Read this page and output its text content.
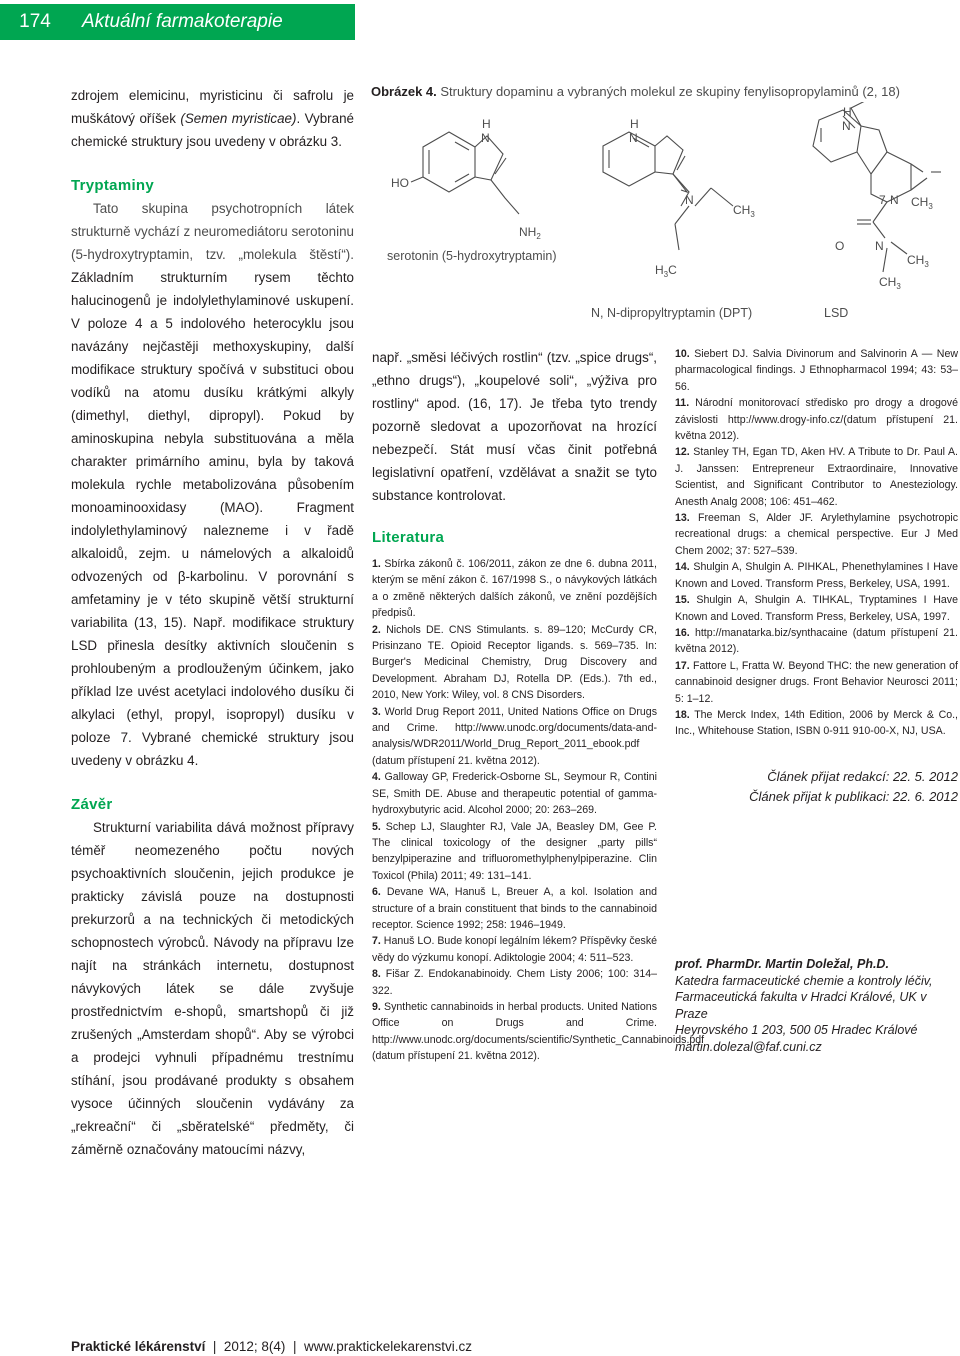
174	Aktuální farmakoterapie

zdrojem elemicinu, myristicinu či safrolu je muškátový oříšek (Semen myristicae). Vybrané chemické struktury jsou uvedeny v obrázku 3.

Tryptaminy

Tato skupina psychotropních látek strukturně vychází z neuromediátoru serotoninu (5-hydroxytryptamin, tzv. „molekula štěstí“). Základním strukturním rysem těchto halucinogenů je indolylethylaminové uskupení. V poloze 4 a 5 indolového heterocyklu jsou navázány nejčastěji methoxyskupiny, další modifikace struktury spočívá v substituci obou vodíků na atomu dusíku krátkými alkyly (dimethyl, diethyl, dipropyl). Pokud by aminoskupina nebyla substituována a měla charakter primárního aminu, byla by taková molekula rychle metabolizována působením monoaminooxidasy (MAO). Fragment indolylethylaminový nalezneme i v řadě alkaloidů, zejm. u námelových a alkaloidů odvozených od β-karbolinu. V porovnání s amfetaminy je v této skupině větší strukturní variabilita (13, 15). Např. modifikace struktury LSD přinesla desítky aktivních sloučenin s prohloubeným a prodlouženým účinkem, jako příklad lze uvést acetylaci indolového dusíku či alkylaci (ethyl, propyl, isopropyl) dusíku v poloze 7. Vybrané chemické struktury jsou uvedeny v obrázku 4.

Závěr

Strukturní variabilita dává možnost přípravy téměř neomezeného počtu nových psychoaktivních sloučenin, jejich produkce je prakticky závislá pouze na dostupnosti prekurzorů a na technických či metodických schopnostech výrobců. Návody na přípravu lze najít na stránkách internetu, dostupnost návykových látek se dále zvyšuje prostřednictvím e-shopů, smartshopů či již zrušených „Amsterdam shopů“. Aby se výrobci a prodejci vyhnuli případnému trestnímu stíhání, jsou prodávané produkty s obsahem vysoce účinných sloučenin vydávány za „rekreační“ či „sběratelské“ předměty, či záměrně označovány matoucími názvy,

Obrázek 4. Struktury dopaminu a vybraných molekul ze skupiny fenylisopropylaminů (2, 18)
H
N
HO
$NH_2$
serotonin (5-hydroxytryptamin)
H
N
N
$CH_3$
$H_3C$
N, N-dipropyltryptamin (DPT)
H
N
7 N $CH_3$
O	N
$CH_3$
$CH_3$
LSD

např. „směsi léčivých rostlin“ (tzv. „spice drugs“, „ethno drugs“), „koupelové soli“, „výživa pro rostliny“ apod. (16, 17). Je třeba tyto trendy pozorně sledovat a upozorňovat na hrozící nebezpečí. Stát musí včas činit potřebná legislativní opatření, vzdělávat a snažit se tyto substance kontrolovat.

Literatura
1. Sbírka zákonů č. 106/2011, zákon ze dne 6. dubna 2011, kterým se mění zákon č. 167/1998 S., o návykových látkách a o změně některých dalších zákonů, ve znění pozdějších předpisů.
2. Nichols DE. CNS Stimulants. s. 89–120; McCurdy CR, Prisinzano TE. Opioid Receptor ligands. s. 569–735. In: Burger's Medicinal Chemistry, Drug Discovery and Development. Abraham DJ, Rotella DP. (Eds.). 7th ed., 2010, New York: Wiley, vol. 8 CNS Disorders.
3. World Drug Report 2011, United Nations Office on Drugs and Crime. http://www.unodc.org/documents/data-and-analysis/WDR2011/World_Drug_Report_2011_ebook.pdf (datum přístupení 21. května 2012).
4. Galloway GP, Frederick-Osborne SL, Seymour R, Contini SE, Smith DE. Abuse and therapeutic potential of gamma-hydroxybutyric acid. Alcohol 2000; 20: 263–269.
5. Schep LJ, Slaughter RJ, Vale JA, Beasley DM, Gee P. The clinical toxicology of the designer „party pills“ benzylpiperazine and trifluoromethylphenylpiperazine. Clin Toxicol (Phila) 2011; 49: 131–141.
6. Devane WA, Hanuš L, Breuer A, a kol. Isolation and structure of a brain constituent that binds to the cannabinoid receptor. Science 1992; 258: 1946–1949.
7. Hanuš LO. Bude konopí legálním lékem? Příspěvky české vědy do výzkumu konopí. Adiktologie 2004; 4: 511–523.
8. Fišar Z. Endokanabinoidy. Chem Listy 2006; 100: 314–322.
9. Synthetic cannabinoids in herbal products. United Nations Office on Drugs and Crime. http://www.unodc.org/documents/scientific/Synthetic_Cannabinoids.pdf (datum přístupení 21. května 2012).
10. Siebert DJ. Salvia Divinorum and Salvinorin A — New pharmacological findings. J Ethnopharmacol 1994; 43: 53–56.
11. Národní monitorovací středisko pro drogy a drogové závislosti http://www.drogy-info.cz/(datum přístupení 21. května 2012).
12. Stanley TH, Egan TD, Aken HV. A Tribute to Dr. Paul A. J. Janssen: Entrepreneur Extraordinaire, Innovative Scientist, and Significant Contributor to Anesteziology. Anesth Analg 2008; 106: 451–462.
13. Freeman S, Alder JF. Arylethylamine psychotropic recreational drugs: a chemical perspective. Eur J Med Chem 2002; 37: 527–539.
14. Shulgin A, Shulgin A. PIHKAL, Phenethylamines I Have Known and Loved. Transform Press, Berkeley, USA, 1991.
15. Shulgin A, Shulgin A. TIHKAL, Tryptamines I Have Known and Loved. Transform Press, Berkeley, USA, 1997.
16. http://manatarka.biz/synthacaine (datum přístupení 21. května 2012).
17. Fattore L, Fratta W. Beyond THC: the new generation of cannabinoid designer drugs. Front Behavior Neurosci 2011; 5: 1–12.
18. The Merck Index, 14th Edition, 2006 by Merck & Co., Inc., Whitehouse Station, ISBN 0-911 910-00-X, NJ, USA.
Článek přijat redakcí: 22. 5. 2012
Článek přijat k publikaci: 22. 6. 2012
prof. PharmDr. Martin Doležal, Ph.D.
Katedra farmaceutické chemie a kontroly léčiv,
Farmaceutická fakulta v Hradci Králové, UK v Praze
Heyrovského 1 203, 500 05 Hradec Králové
martin.dolezal@faf.cuni.cz
Praktické lékárenství  |  2012; 8(4)  |  www.praktickelekarenstvi.cz
